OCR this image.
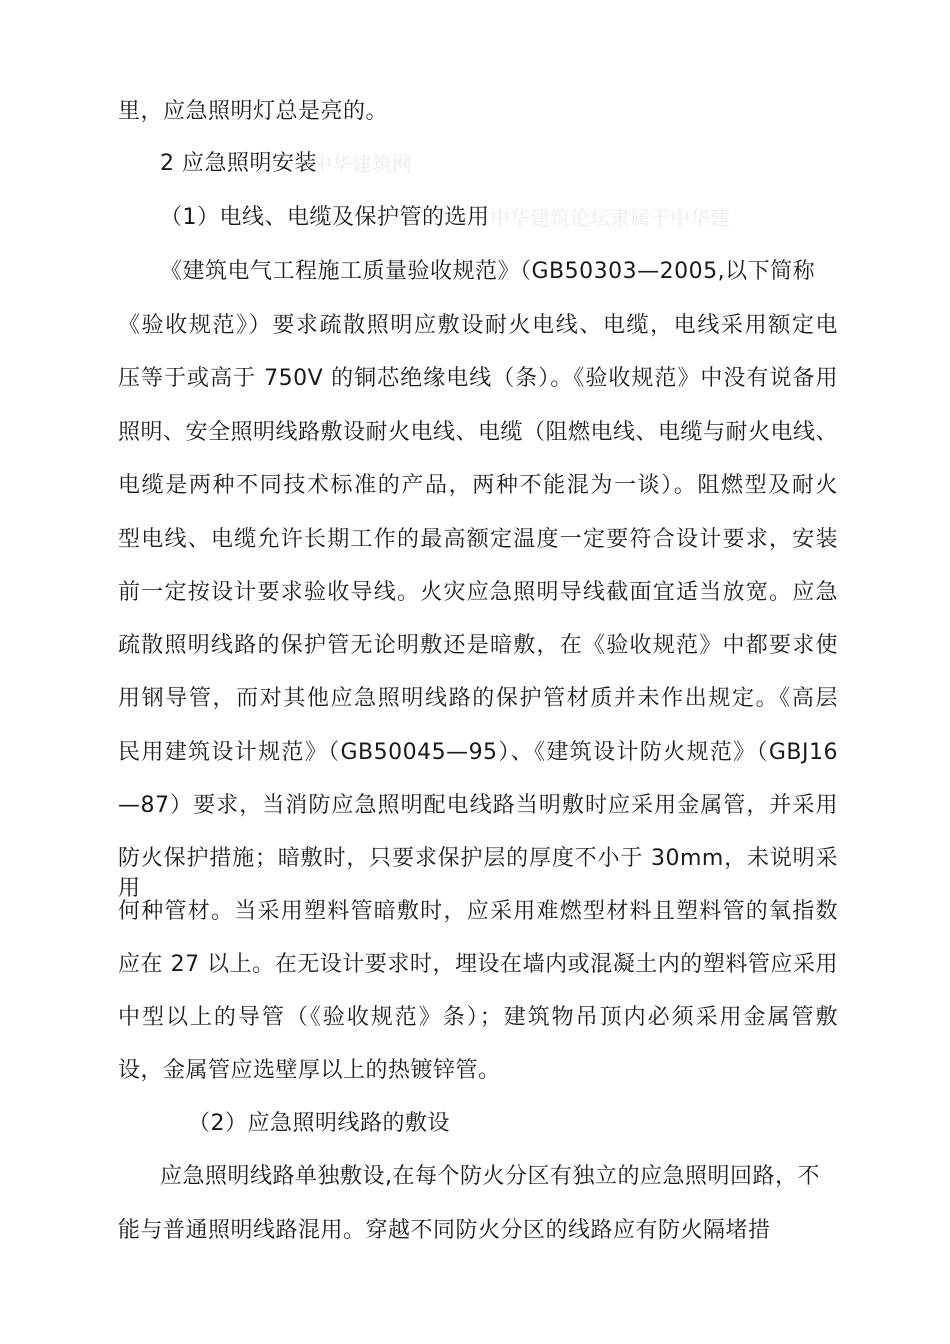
中华建筑网
中华建筑论坛隶属于中华建
里，应急照明灯总是亮的。
2 应急照明安装
（1）电线、电缆及保护管的选用
《建筑电气工程施工质量验收规范》（GB50303—2005,以下简称
《验收规范》）要求疏散照明应敷设耐火电线、电缆，电线采用额定电
压等于或高于 750V 的铜芯绝缘电线（条）。《验收规范》中没有说备用
照明、安全照明线路敷设耐火电线、电缆（阻燃电线、电缆与耐火电线、
电缆是两种不同技术标准的产品，两种不能混为一谈）。阻燃型及耐火
型电线、电缆允许长期工作的最高额定温度一定要符合设计要求，安装
前一定按设计要求验收导线。火灾应急照明导线截面宜适当放宽。应急
疏散照明线路的保护管无论明敷还是暗敷，在《验收规范》中都要求使
用钢导管，而对其他应急照明线路的保护管材质并未作出规定。《高层
民用建筑设计规范》（GB50045—95）、《建筑设计防火规范》（GBJ16
—87）要求，当消防应急照明配电线路当明敷时应采用金属管，并采用
防火保护措施；暗敷时，只要求保护层的厚度不小于 30mm，未说明采用
何种管材。当采用塑料管暗敷时，应采用难燃型材料且塑料管的氧指数
应在 27 以上。在无设计要求时，埋设在墙内或混凝土内的塑料管应采用
中型以上的导管（《验收规范》条）；建筑物吊顶内必须采用金属管敷
设，金属管应选壁厚以上的热镀锌管。
（2）应急照明线路的敷设
应急照明线路单独敷设,在每个防火分区有独立的应急照明回路，不
能与普通照明线路混用。穿越不同防火分区的线路应有防火隔堵措
